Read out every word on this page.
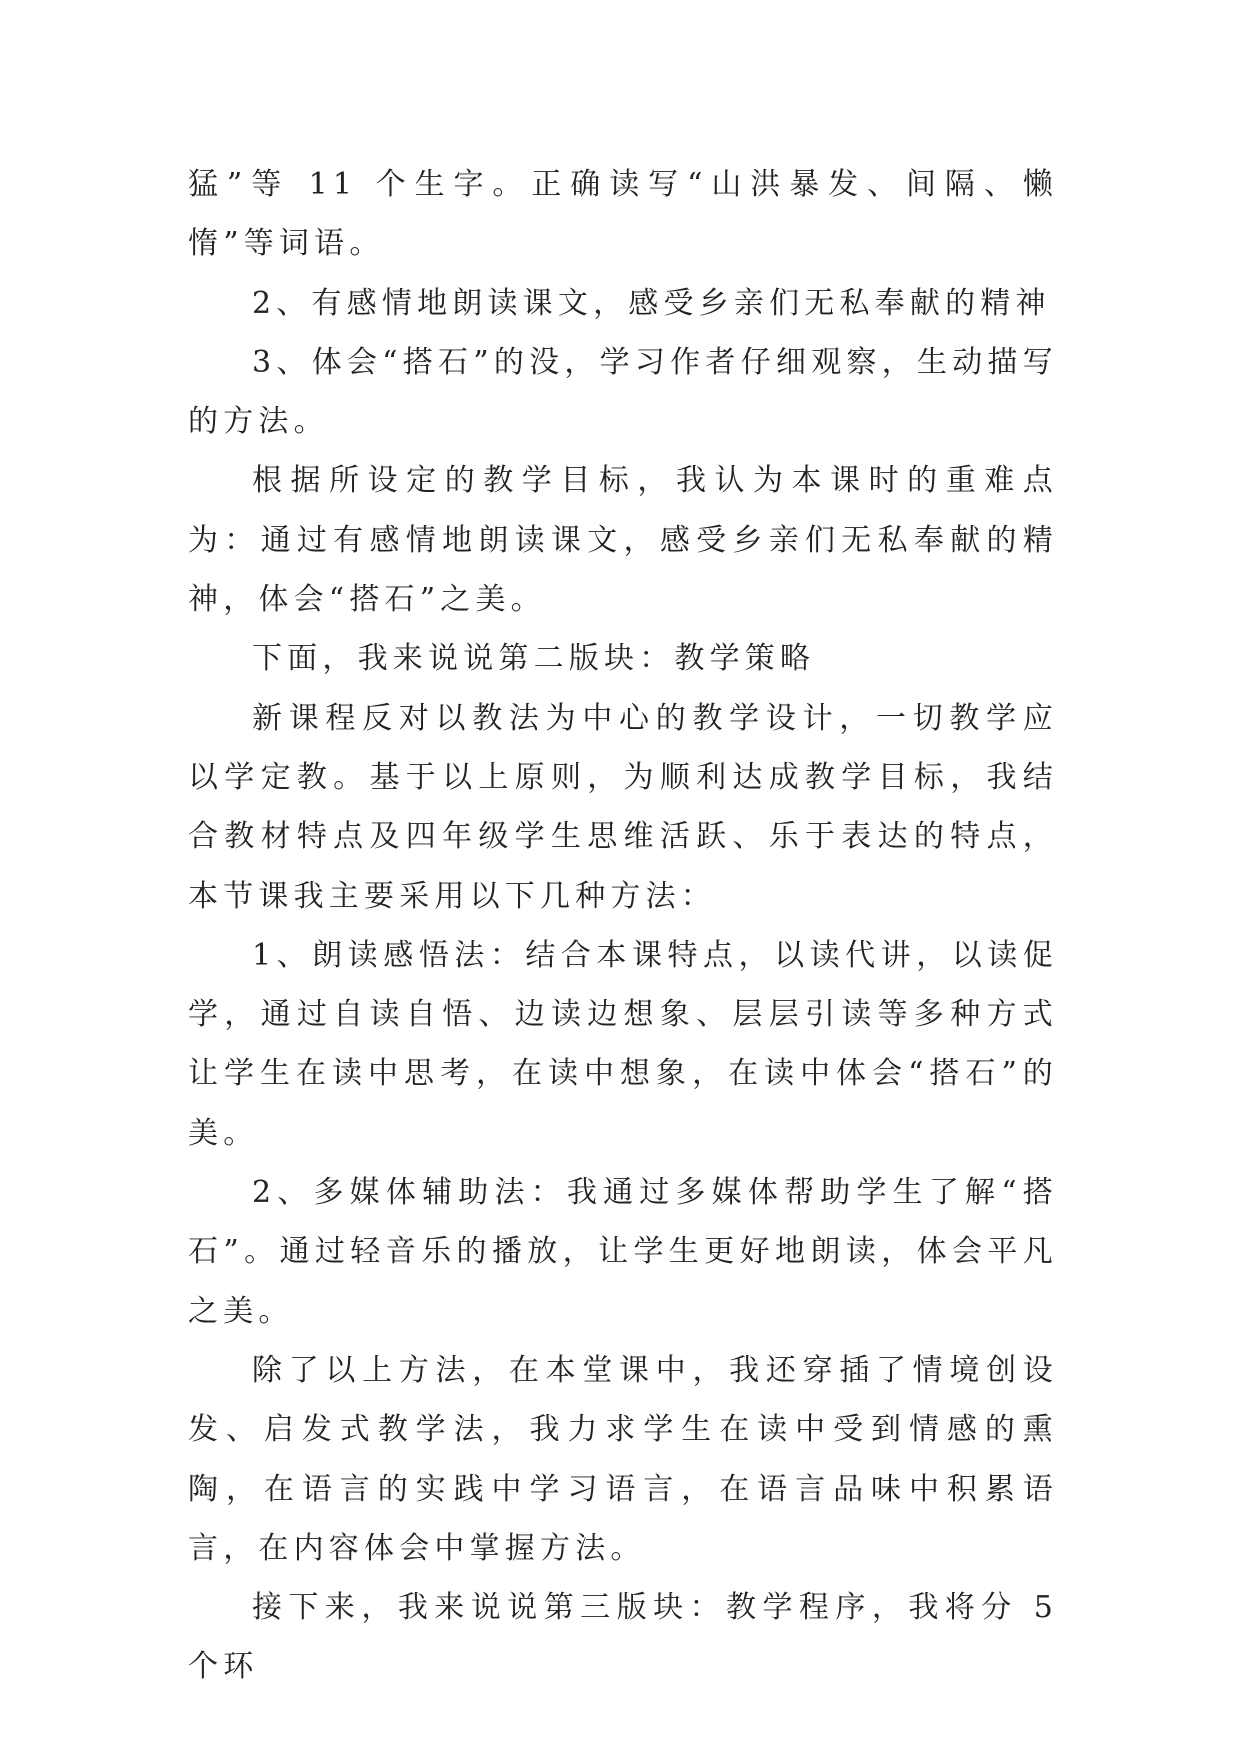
猛”等 11 个生字。正确读写“山洪暴发、间隔、懒惰”等词语。

2、有感情地朗读课文，感受乡亲们无私奉献的精神

3、体会“搭石”的没，学习作者仔细观察，生动描写的方法。

根据所设定的教学目标，我认为本课时的重难点为：通过有感情地朗读课文，感受乡亲们无私奉献的精神，体会“搭石”之美。

下面，我来说说第二版块：教学策略

新课程反对以教法为中心的教学设计，一切教学应以学定教。基于以上原则，为顺利达成教学目标，我结合教材特点及四年级学生思维活跃、乐于表达的特点，本节课我主要采用以下几种方法：

1、朗读感悟法：结合本课特点，以读代讲，以读促学，通过自读自悟、边读边想象、层层引读等多种方式让学生在读中思考，在读中想象，在读中体会“搭石”的美。

2、多媒体辅助法：我通过多媒体帮助学生了解“搭石”。通过轻音乐的播放，让学生更好地朗读，体会平凡之美。

除了以上方法，在本堂课中，我还穿插了情境创设发、启发式教学法，我力求学生在读中受到情感的熏陶，在语言的实践中学习语言，在语言品味中积累语言，在内容体会中掌握方法。

接下来，我来说说第三版块：教学程序，我将分 5 个环
